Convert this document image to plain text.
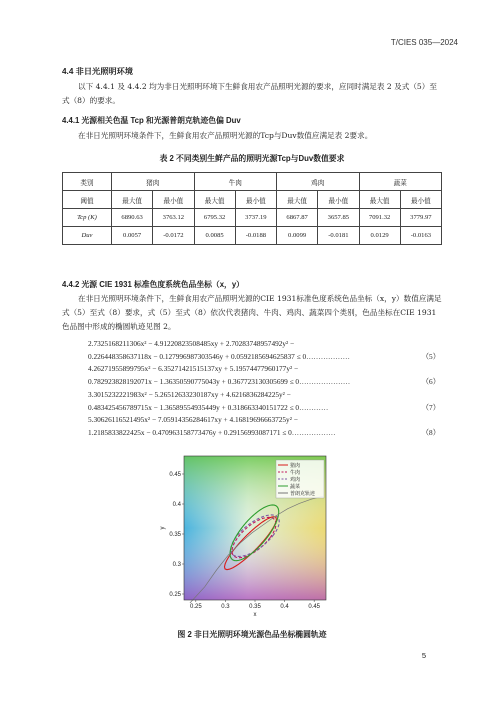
T/CIES 035—2024
4.4 非日光照明环境
以下 4.4.1 及 4.4.2 均为非日光照明环境下生鲜食用农产品照明光源的要求，应同时满足表 2 及式（5）至式（8）的要求。
4.4.1 光源相关色温 Tcp 和光源普朗克轨迹色偏 Duv
在非日光照明环境条件下，生鲜食用农产品照明光源的Tcp与Duv数值应满足表 2要求。
表 2 不同类别生鲜产品的照明光源Tcp与Duv数值要求
类别	猪肉		牛肉		鸡肉		蔬菜	
阈值	最大值	最小值	最大值	最小值	最大值	最小值	最大值	最小值
Tcp (K)	6890.63	3763.12	6795.32	3737.19	6867.87	3657.85	7091.32	3779.97
Duv	0.0057	-0.0172	0.0085	-0.0188	0.0099	-0.0181	0.0129	-0.0163
4.4.2 光源 CIE 1931 标准色度系统色品坐标（x，y）
在非日光照明环境条件下，生鲜食用农产品照明光源的CIE 1931标准色度系统色品坐标（x，y）数值应满足式（5）至式（8）要求，式（5）至式（8）依次代表猪肉、牛肉、鸡肉、蔬菜四个类别，色品坐标在CIE 1931色品图中形成的椭圆轨迹见图 2。
2.7325168211306x² − 4.91220823508485xy + 2.70283748957492y² −
0.226448358637118x − 0.127996987303546y + 0.0592185694625837 ≤ 0………………	（5）
4.26271955899795x² − 6.35271421515137xy + 5.19574477960177y² −
0.782923828192071x − 1.36350590775043y + 0.367723130305699 ≤ 0…………………	（6）
3.3015232221983x² − 5.26512633230187xy + 4.6216836284225y² −
0.483425456789715x − 1.36589554935449y + 0.318663340151722 ≤ 0…………	（7）
5.30626116521495x² − 7.05914356284617xy + 4.16819696663725y² −
1.2185833822425x − 0.470963158773476y + 0.29156993087171 ≤ 0………………	（8）
0.25	0.3	0.35	0.4	0.45
0.25
0.3
0.35
0.4
0.45
猪肉
牛肉
鸡肉
蔬菜
普朗克轨迹
x
y
图 2 非日光照明环境光源色品坐标椭圆轨迹
5
